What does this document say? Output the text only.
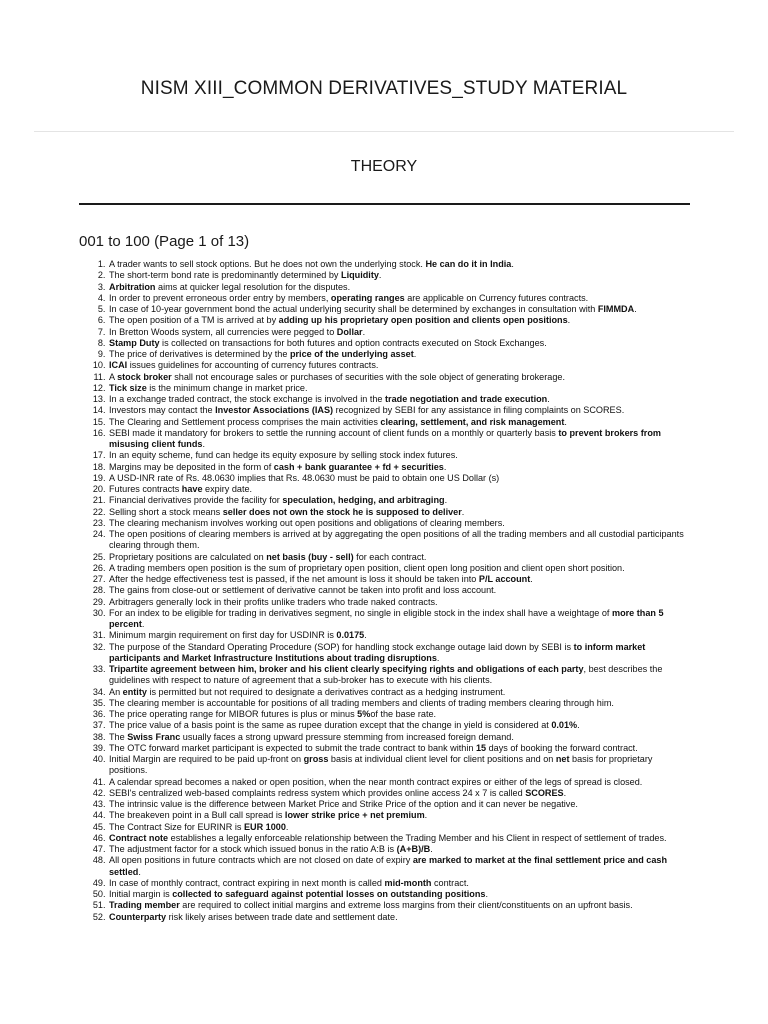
NISM XIII_COMMON DERIVATIVES_STUDY MATERIAL
THEORY
001 to 100 (Page 1 of 13)
1. A trader wants to sell stock options. But he does not own the underlying stock. He can do it in India.
2. The short-term bond rate is predominantly determined by Liquidity.
3. Arbitration aims at quicker legal resolution for the disputes.
4. In order to prevent erroneous order entry by members, operating ranges are applicable on Currency futures contracts.
5. In case of 10-year government bond the actual underlying security shall be determined by exchanges in consultation with FIMMDA.
6. The open position of a TM is arrived at by adding up his proprietary open position and clients open positions.
7. In Bretton Woods system, all currencies were pegged to Dollar.
8. Stamp Duty is collected on transactions for both futures and option contracts executed on Stock Exchanges.
9. The price of derivatives is determined by the price of the underlying asset.
10. ICAI issues guidelines for accounting of currency futures contracts.
11. A stock broker shall not encourage sales or purchases of securities with the sole object of generating brokerage.
12. Tick size is the minimum change in market price.
13. In a exchange traded contract, the stock exchange is involved in the trade negotiation and trade execution.
14. Investors may contact the Investor Associations (IAS) recognized by SEBI for any assistance in filing complaints on SCORES.
15. The Clearing and Settlement process comprises the main activities clearing, settlement, and risk management.
16. SEBI made it mandatory for brokers to settle the running account of client funds on a monthly or quarterly basis to prevent brokers from misusing client funds.
17. In an equity scheme, fund can hedge its equity exposure by selling stock index futures.
18. Margins may be deposited in the form of cash + bank guarantee + fd + securities.
19. A USD-INR rate of Rs. 48.0630 implies that Rs. 48.0630 must be paid to obtain one US Dollar (s)
20. Futures contracts have expiry date.
21. Financial derivatives provide the facility for speculation, hedging, and arbitraging.
22. Selling short a stock means seller does not own the stock he is supposed to deliver.
23. The clearing mechanism involves working out open positions and obligations of clearing members.
24. The open positions of clearing members is arrived at by aggregating the open positions of all the trading members and all custodial participants clearing through them.
25. Proprietary positions are calculated on net basis (buy - sell) for each contract.
26. A trading members open position is the sum of proprietary open position, client open long position and client open short position.
27. After the hedge effectiveness test is passed, if the net amount is loss it should be taken into P/L account.
28. The gains from close-out or settlement of derivative cannot be taken into profit and loss account.
29. Arbitragers generally lock in their profits unlike traders who trade naked contracts.
30. For an index to be eligible for trading in derivatives segment, no single in eligible stock in the index shall have a weightage of more than 5 percent.
31. Minimum margin requirement on first day for USDINR is 0.0175.
32. The purpose of the Standard Operating Procedure (SOP) for handling stock exchange outage laid down by SEBI is to inform market participants and Market Infrastructure Institutions about trading disruptions.
33. Tripartite agreement between him, broker and his client clearly specifying rights and obligations of each party, best describes the guidelines with respect to nature of agreement that a sub-broker has to execute with his clients.
34. An entity is permitted but not required to designate a derivatives contract as a hedging instrument.
35. The clearing member is accountable for positions of all trading members and clients of trading members clearing through him.
36. The price operating range for MIBOR futures is plus or minus 5%of the base rate.
37. The price value of a basis point is the same as rupee duration except that the change in yield is considered at 0.01%.
38. The Swiss Franc usually faces a strong upward pressure stemming from increased foreign demand.
39. The OTC forward market participant is expected to submit the trade contract to bank within 15 days of booking the forward contract.
40. Initial Margin are required to be paid up-front on gross basis at individual client level for client positions and on net basis for proprietary positions.
41. A calendar spread becomes a naked or open position, when the near month contract expires or either of the legs of spread is closed.
42. SEBI's centralized web-based complaints redress system which provides online access 24 x 7 is called SCORES.
43. The intrinsic value is the difference between Market Price and Strike Price of the option and it can never be negative.
44. The breakeven point in a Bull call spread is lower strike price + net premium.
45. The Contract Size for EURINR is EUR 1000.
46. Contract note establishes a legally enforceable relationship between the Trading Member and his Client in respect of settlement of trades.
47. The adjustment factor for a stock which issued bonus in the ratio A:B is (A+B)/B.
48. All open positions in future contracts which are not closed on date of expiry are marked to market at the final settlement price and cash settled.
49. In case of monthly contract, contract expiring in next month is called mid-month contract.
50. Initial margin is collected to safeguard against potential losses on outstanding positions.
51. Trading member are required to collect initial margins and extreme loss margins from their client/constituents on an upfront basis.
52. Counterparty risk likely arises between trade date and settlement date.
